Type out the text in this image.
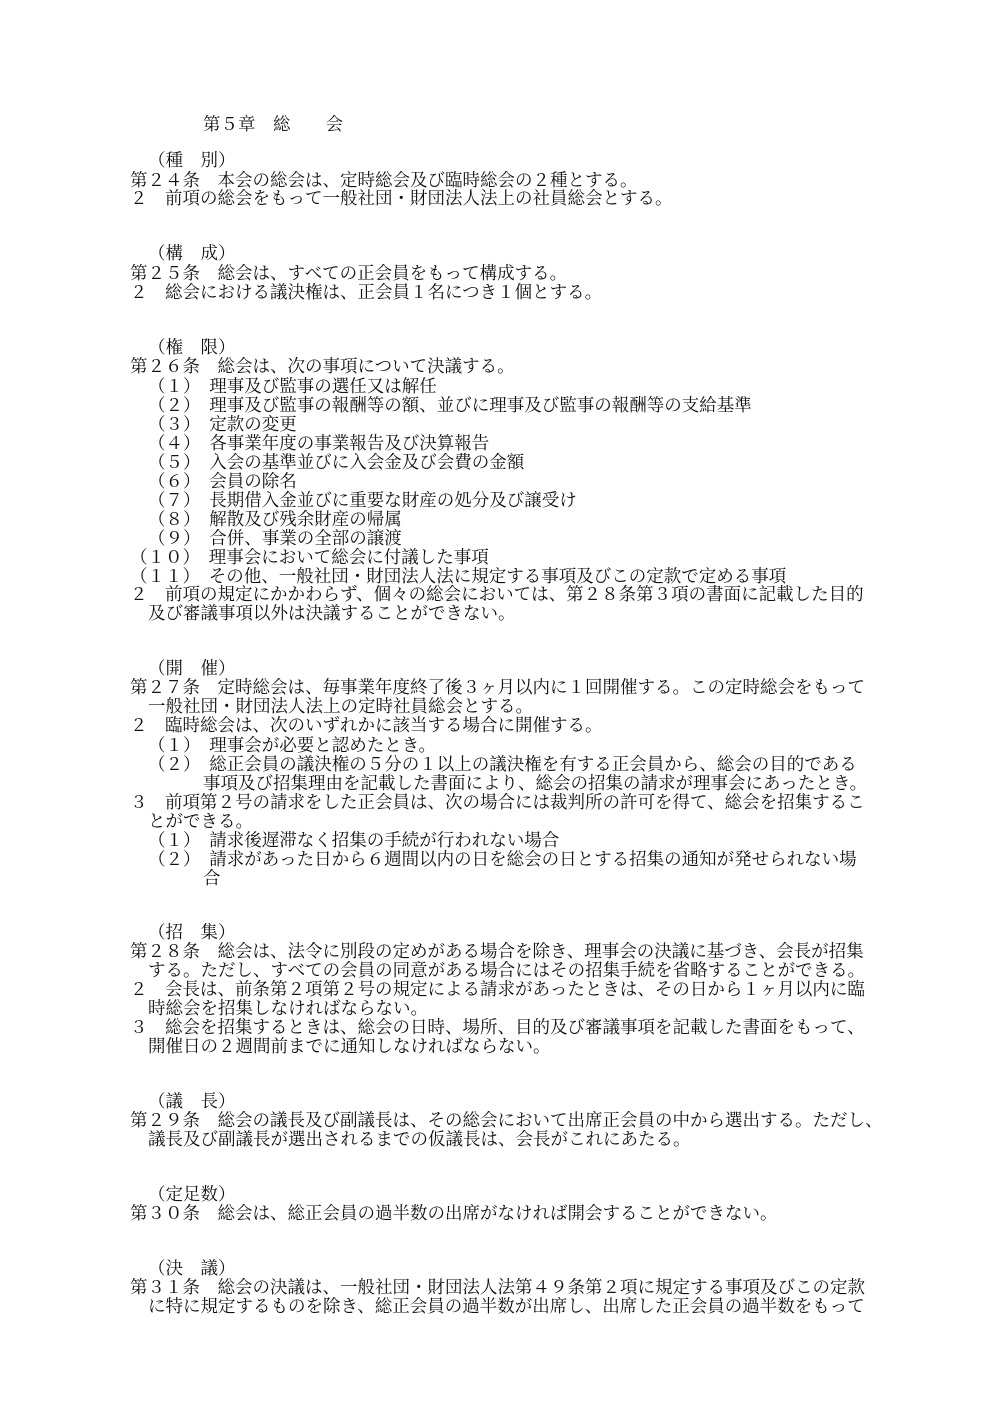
第５章　総　　会
（種　別）
第２４条　本会の総会は、定時総会及び臨時総会の２種とする。
２　前項の総会をもって一般社団・財団法人法上の社員総会とする。
（構　成）
第２５条　総会は、すべての正会員をもって構成する。
２　総会における議決権は、正会員１名につき１個とする。
（権　限）
第２６条　総会は、次の事項について決議する。
（１）　理事及び監事の選任又は解任
（２）　理事及び監事の報酬等の額、並びに理事及び監事の報酬等の支給基準
（３）　定款の変更
（４）　各事業年度の事業報告及び決算報告
（５）　入会の基準並びに入会金及び会費の金額
（６）　会員の除名
（７）　長期借入金並びに重要な財産の処分及び譲受け
（８）　解散及び残余財産の帰属
（９）　合併、事業の全部の譲渡
（１０）　理事会において総会に付議した事項
（１１）　その他、一般社団・財団法人法に規定する事項及びこの定款で定める事項
２　前項の規定にかかわらず、個々の総会においては、第２８条第３項の書面に記載した目的
及び審議事項以外は決議することができない。
（開　催）
第２７条　定時総会は、毎事業年度終了後３ヶ月以内に１回開催する。この定時総会をもって
一般社団・財団法人法上の定時社員総会とする。
２　臨時総会は、次のいずれかに該当する場合に開催する。
（１）　理事会が必要と認めたとき。
（２）　総正会員の議決権の５分の１以上の議決権を有する正会員から、総会の目的である
事項及び招集理由を記載した書面により、総会の招集の請求が理事会にあったとき。
３　前項第２号の請求をした正会員は、次の場合には裁判所の許可を得て、総会を招集するこ
とができる。
（１）　請求後遅滞なく招集の手続が行われない場合
（２）　請求があった日から６週間以内の日を総会の日とする招集の通知が発せられない場
合
（招　集）
第２８条　総会は、法令に別段の定めがある場合を除き、理事会の決議に基づき、会長が招集
する。ただし、すべての会員の同意がある場合にはその招集手続を省略することができる。
２　会長は、前条第２項第２号の規定による請求があったときは、その日から１ヶ月以内に臨
時総会を招集しなければならない。
３　総会を招集するときは、総会の日時、場所、目的及び審議事項を記載した書面をもって、
開催日の２週間前までに通知しなければならない。
（議　長）
第２９条　総会の議長及び副議長は、その総会において出席正会員の中から選出する。ただし、
議長及び副議長が選出されるまでの仮議長は、会長がこれにあたる。
（定足数）
第３０条　総会は、総正会員の過半数の出席がなければ開会することができない。
（決　議）
第３１条　総会の決議は、一般社団・財団法人法第４９条第２項に規定する事項及びこの定款
に特に規定するものを除き、総正会員の過半数が出席し、出席した正会員の過半数をもって
